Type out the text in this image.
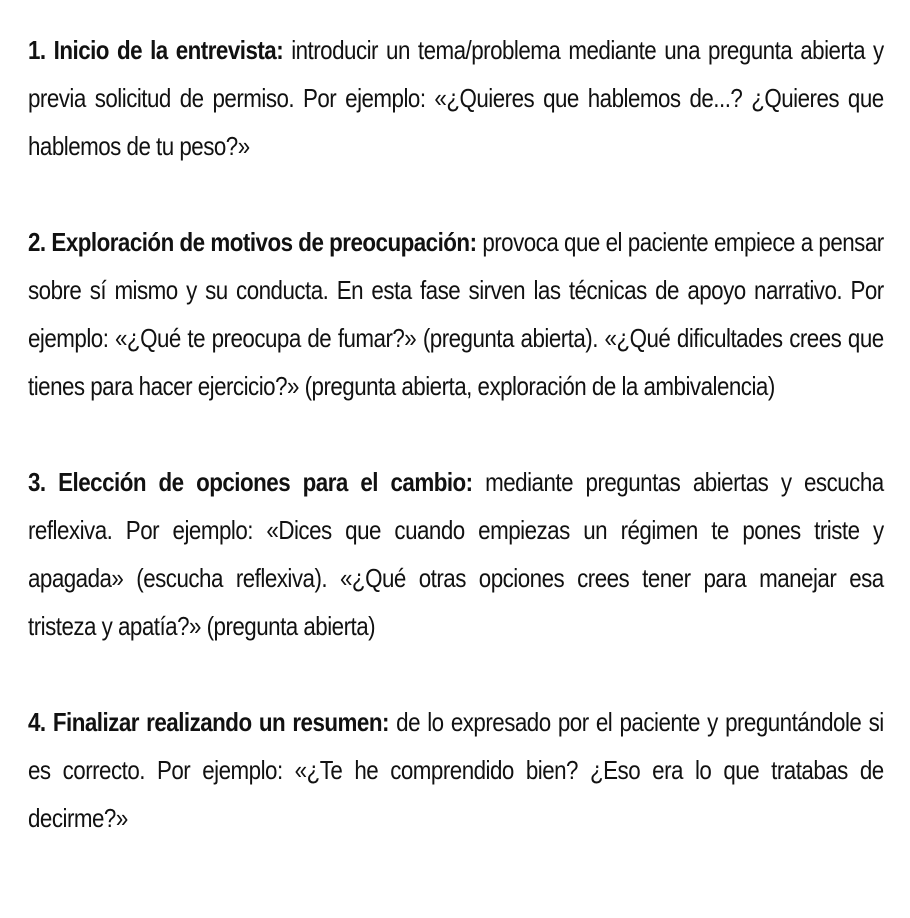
1. Inicio de la entrevista: introducir un tema/problema mediante una pregunta abierta y previa solicitud de permiso. Por ejemplo: «¿Quieres que hablemos de...? ¿Quieres que hablemos de tu peso?»

2. Exploración de motivos de preocupación: provoca que el paciente empiece a pensar sobre sí mismo y su conducta. En esta fase sirven las técnicas de apoyo narrativo. Por ejemplo: «¿Qué te preocupa de fumar?» (pregunta abierta). «¿Qué dificultades crees que tienes para hacer ejercicio?» (pregunta abierta, exploración de la ambivalencia)

3. Elección de opciones para el cambio: mediante preguntas abiertas y escucha reflexiva. Por ejemplo: «Dices que cuando empiezas un régimen te pones triste y apagada» (escucha reflexiva). «¿Qué otras opciones crees tener para manejar esa tristeza y apatía?» (pregunta abierta)

4. Finalizar realizando un resumen: de lo expresado por el paciente y preguntándole si es correcto. Por ejemplo: «¿Te he comprendido bien? ¿Eso era lo que tratabas de decirme?»
